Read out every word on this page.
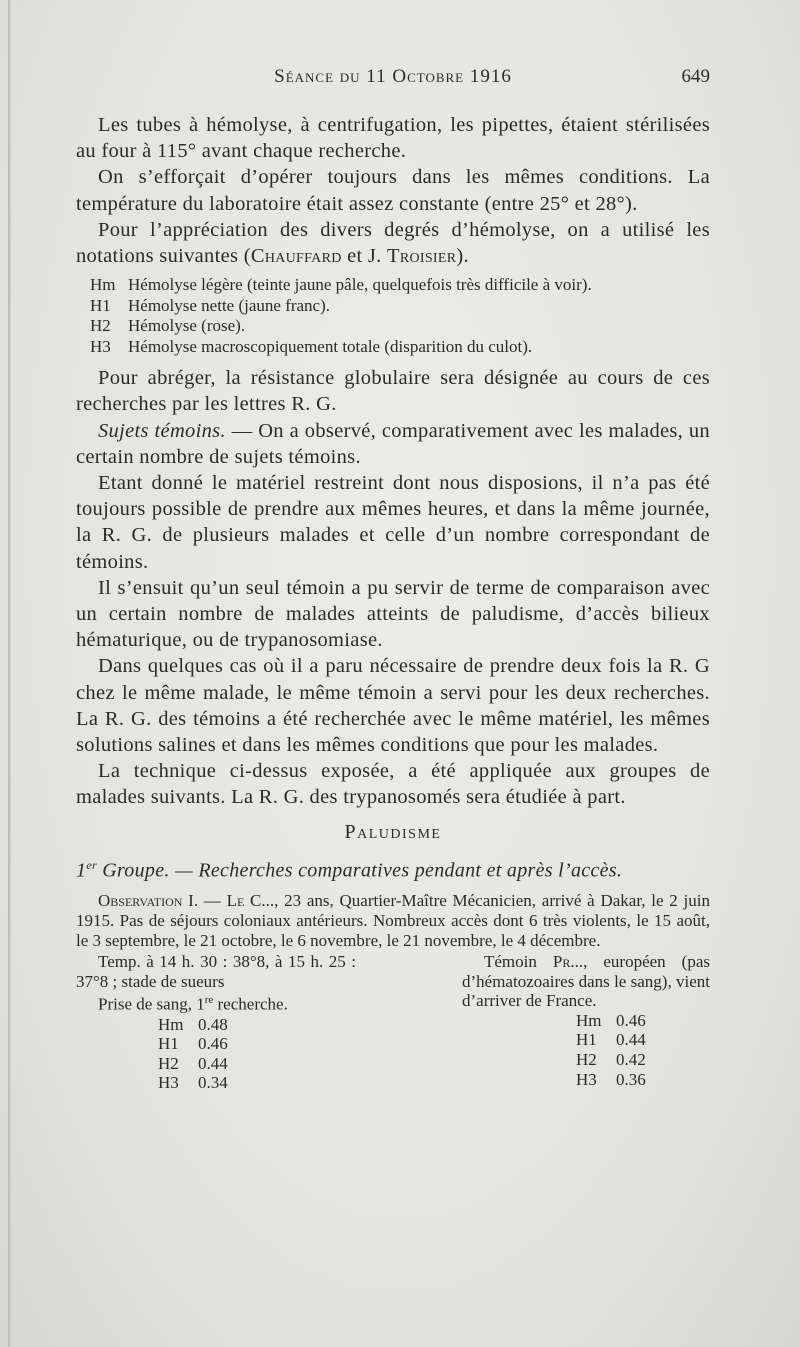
Séance du 11 Octobre 1916	649

Les tubes à hémolyse, à centrifugation, les pipettes, étaient stérilisées au four à 115° avant chaque recherche.

On s’efforçait d’opérer toujours dans les mêmes conditions. La température du laboratoire était assez constante (entre 25° et 28°).

Pour l’appréciation des divers degrés d’hémolyse, on a utilisé les notations suivantes (Chauffard et J. Troisier).

Hm Hémolyse légère (teinte jaune pâle, quelquefois très difficile à voir).
H1 Hémolyse nette (jaune franc).
H2 Hémolyse (rose).
H3 Hémolyse macroscopiquement totale (disparition du culot).

Pour abréger, la résistance globulaire sera désignée au cours de ces recherches par les lettres R. G.

Sujets témoins. — On a observé, comparativement avec les malades, un certain nombre de sujets témoins.

Etant donné le matériel restreint dont nous disposions, il n’a pas été toujours possible de prendre aux mêmes heures, et dans la même journée, la R. G. de plusieurs malades et celle d’un nombre correspondant de témoins.

Il s’ensuit qu’un seul témoin a pu servir de terme de comparaison avec un certain nombre de malades atteints de paludisme, d’accès bilieux hématurique, ou de trypanosomiase.

Dans quelques cas où il a paru nécessaire de prendre deux fois la R. G chez le même malade, le même témoin a servi pour les deux recherches. La R. G. des témoins a été recherchée avec le même matériel, les mêmes solutions salines et dans les mêmes conditions que pour les malades.

La technique ci-dessus exposée, a été appliquée aux groupes de malades suivants. La R. G. des trypanosomés sera étudiée à part.

Paludisme
1er Groupe. — Recherches comparatives pendant et après l’accès.

Observation I. — Le C..., 23 ans, Quartier-Maître Mécanicien, arrivé à Dakar, le 2 juin 1915. Pas de séjours coloniaux antérieurs. Nombreux accès dont 6 très violents, le 15 août, le 3 septembre, le 21 octobre, le 6 novembre, le 21 novembre, le 4 décembre.

Temp. à 14 h. 30 : 38°8, à 15 h. 25 : 37°8 ; stade de sueurs
Prise de sang, 1re recherche.
Hm 0.48
H1 0.46
H2 0.44
H3 0.34
Témoin Pr..., européen (pas d’hématozoaires dans le sang), vient d’arriver de France.
Hm 0.46
H1 0.44
H2 0.42
H3 0.36
